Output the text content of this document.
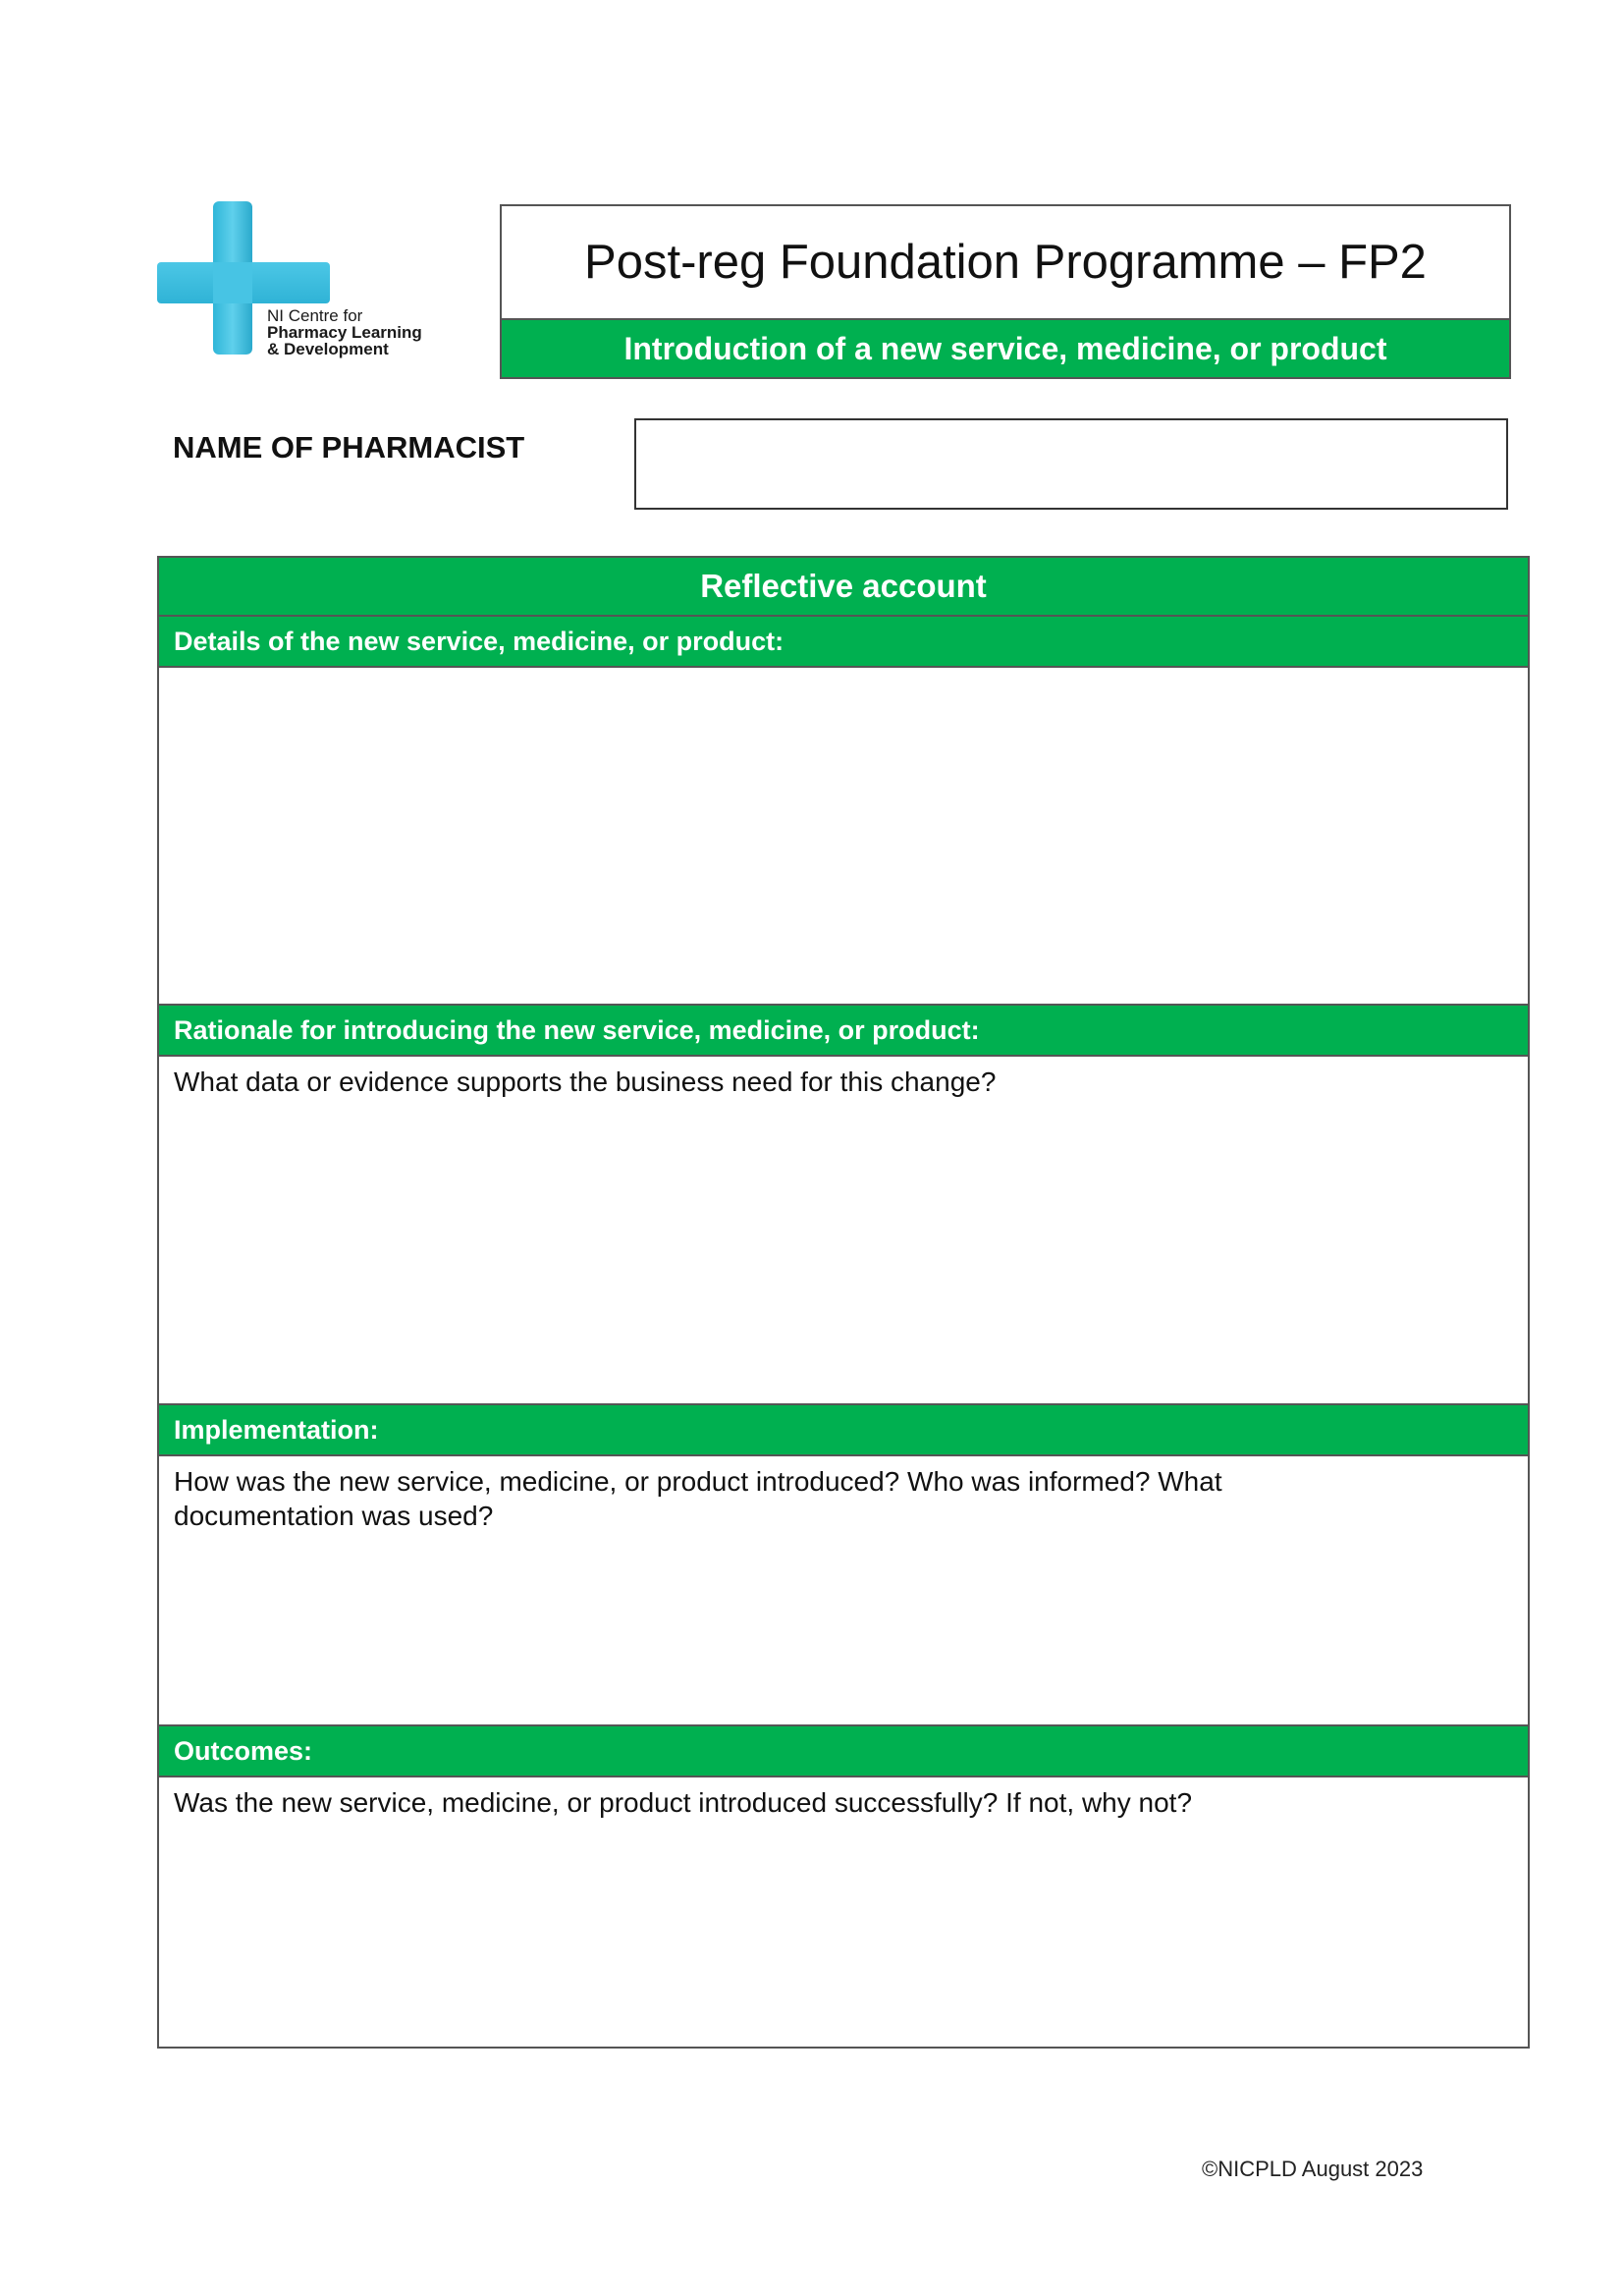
NI Centre for
Pharmacy Learning
& Development
Post-reg Foundation Programme – FP2
Introduction of a new service, medicine, or product
NAME OF PHARMACIST
Reflective account
Details of the new service, medicine, or product:
Rationale for introducing the new service, medicine, or product:
What data or evidence supports the business need for this change?
Implementation:
How was the new service, medicine, or product introduced? Who was informed? What documentation was used?
Outcomes:
Was the new service, medicine, or product introduced successfully? If not, why not?
©NICPLD August 2023
